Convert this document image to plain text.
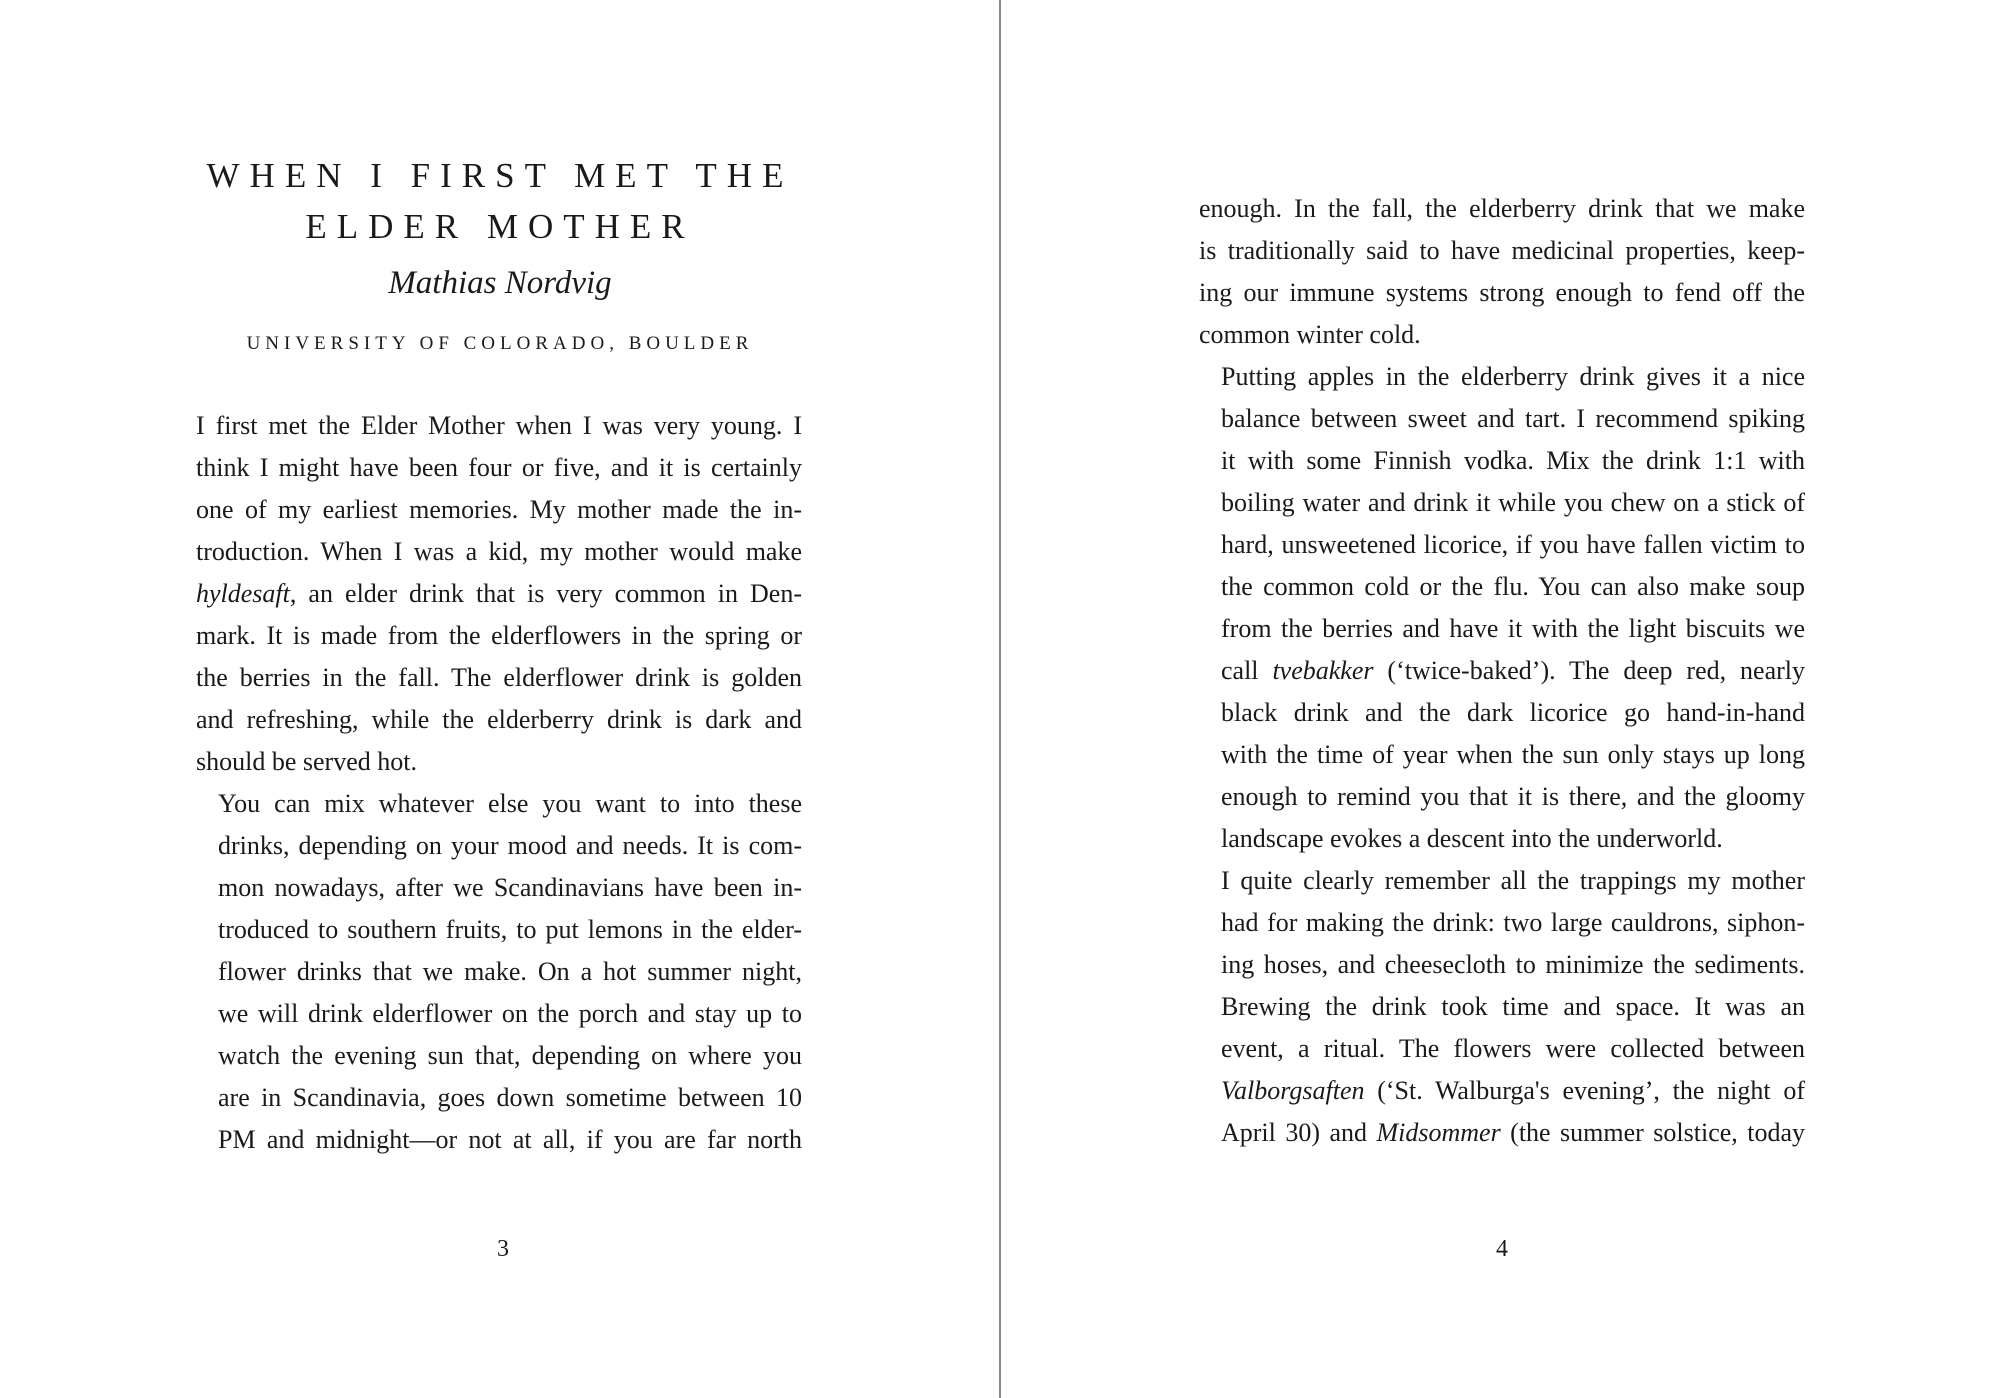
WHEN I FIRST MET THE
ELDER MOTHER

Mathias Nordvig

UNIVERSITY OF COLORADO, BOULDER

I first met the Elder Mother when I was very young. I
think I might have been four or five, and it is certainly
one of my earliest memories. My mother made the in-
troduction. When I was a kid, my mother would make
hyldesaft, an elder drink that is very common in Den-
mark. It is made from the elderflowers in the spring or
the berries in the fall. The elderflower drink is golden
and refreshing, while the elderberry drink is dark and
should be served hot.

You can mix whatever else you want to into these
drinks, depending on your mood and needs. It is com-
mon nowadays, after we Scandinavians have been in-
troduced to southern fruits, to put lemons in the elder-
flower drinks that we make. On a hot summer night,
we will drink elderflower on the porch and stay up to
watch the evening sun that, depending on where you
are in Scandinavia, goes down sometime between 10
PM and midnight—or not at all, if you are far north

3

enough. In the fall, the elderberry drink that we make
is traditionally said to have medicinal properties, keep-
ing our immune systems strong enough to fend off the
common winter cold.

Putting apples in the elderberry drink gives it a nice
balance between sweet and tart. I recommend spiking
it with some Finnish vodka. Mix the drink 1:1 with
boiling water and drink it while you chew on a stick of
hard, unsweetened licorice, if you have fallen victim to
the common cold or the flu. You can also make soup
from the berries and have it with the light biscuits we
call tvebakker (‘twice-baked’). The deep red, nearly
black drink and the dark licorice go hand-in-hand
with the time of year when the sun only stays up long
enough to remind you that it is there, and the gloomy
landscape evokes a descent into the underworld.

I quite clearly remember all the trappings my mother
had for making the drink: two large cauldrons, siphon-
ing hoses, and cheesecloth to minimize the sediments.
Brewing the drink took time and space. It was an
event, a ritual. The flowers were collected between
Valborgsaften (‘St. Walburga's evening’, the night of
April 30) and Midsommer (the summer solstice, today

4
